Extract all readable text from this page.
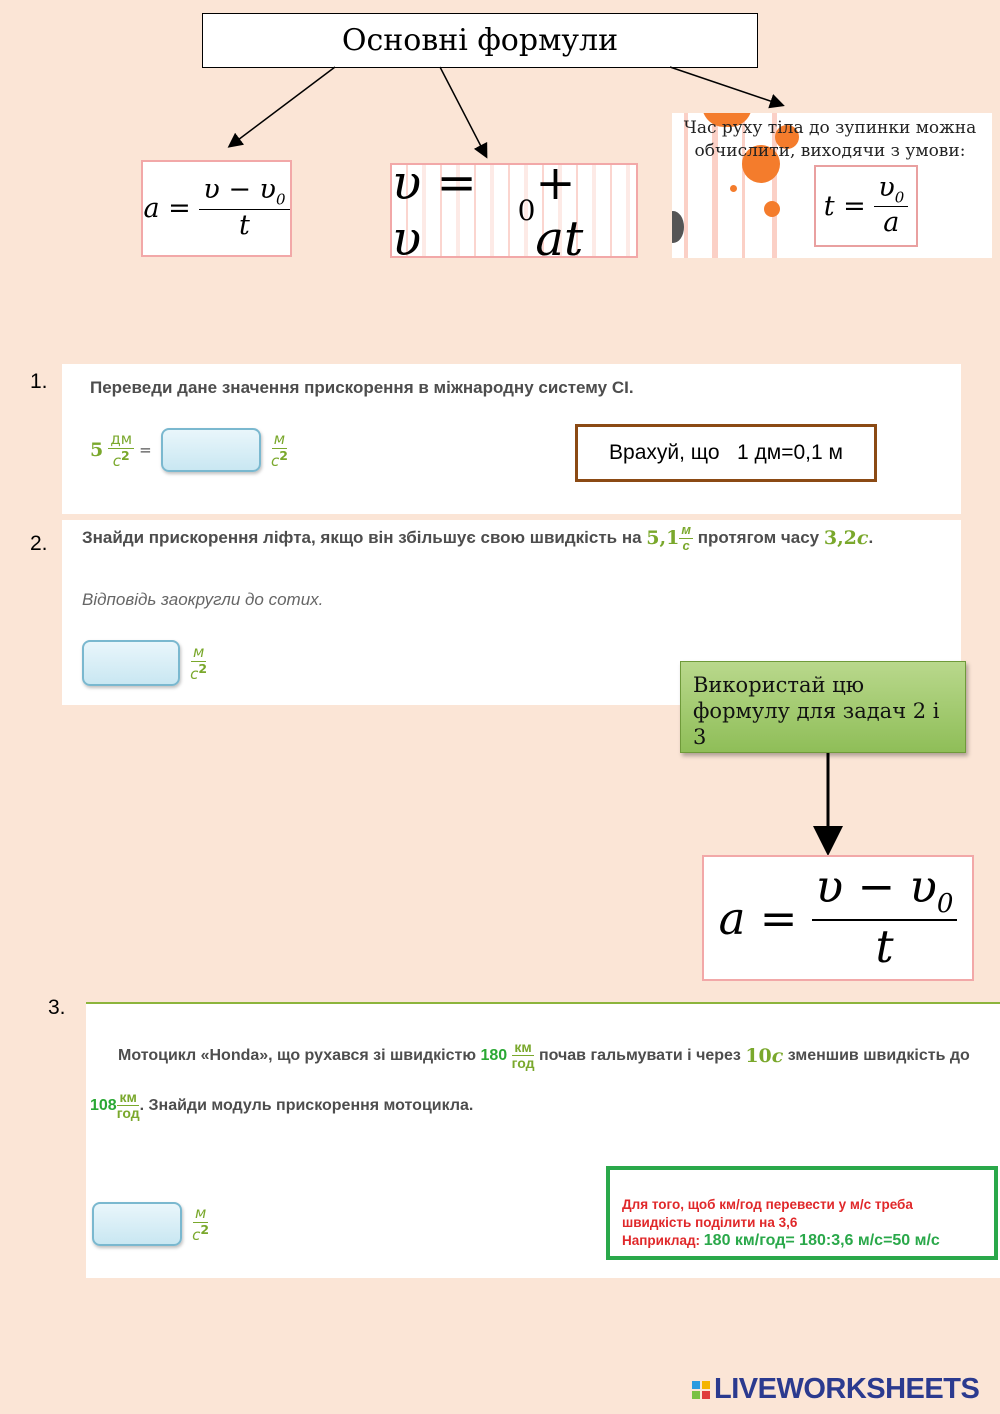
Основні формули
a =
$\frac{\upsilon - \upsilon_0}{t}$ υ = υ	0 + at
Час руху тіла до зупинки можна обчислити, виходячи з умови:
t =
$\frac{\upsilon_0}{a}$
1. Переведи дане значення прискорення в міжнародну систему СІ.
5
дм
$с^2$
=

м
$с^2$	Врахуй, що   1 дм=0,1 м
2. Знайди прискорення ліфта, якщо він збільшує свою швидкість на 5,1 м
с протягом часу 3,2 с .
Відповідь заокругли до сотих.

м
$с^2$
Використай цю формулу для задач 2 і 3
a =
$\frac{\upsilon - \upsilon_0}{t}$
3.
Мотоцикл «Honda», що рухався зі швидкістю 180
км
год почав гальмувати і через 10 с зменшив швидкість до
108 км
год . Знайди модуль прискорення мотоцикла.

м
$с^2$
Для того, щоб км/год перевести у м/с треба
швидкість поділити на 3,6
Наприклад: 180 км/год= 180:3,6 м/с=50 м/с
LIVEWORKSHEETS
